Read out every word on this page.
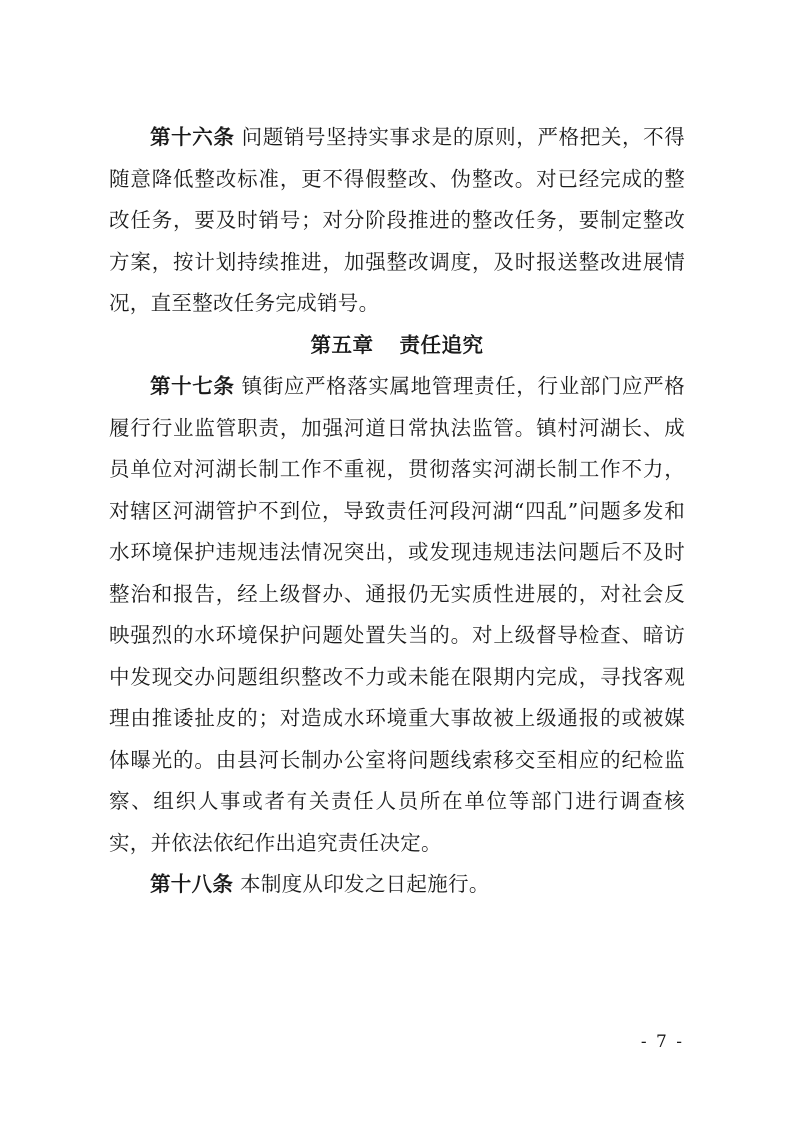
第十六条 问题销号坚持实事求是的原则，严格把关，不得随意降低整改标准，更不得假整改、伪整改。对已经完成的整改任务，要及时销号；对分阶段推进的整改任务，要制定整改方案，按计划持续推进，加强整改调度，及时报送整改进展情况，直至整改任务完成销号。

第五章 责任追究

第十七条 镇街应严格落实属地管理责任，行业部门应严格履行行业监管职责，加强河道日常执法监管。镇村河湖长、成员单位对河湖长制工作不重视，贯彻落实河湖长制工作不力，对辖区河湖管护不到位，导致责任河段河湖“四乱”问题多发和水环境保护违规违法情况突出，或发现违规违法问题后不及时整治和报告，经上级督办、通报仍无实质性进展的，对社会反映强烈的水环境保护问题处置失当的。对上级督导检查、暗访中发现交办问题组织整改不力或未能在限期内完成，寻找客观理由推诿扯皮的；对造成水环境重大事故被上级通报的或被媒体曝光的。由县河长制办公室将问题线索移交至相应的纪检监察、组织人事或者有关责任人员所在单位等部门进行调查核实，并依法依纪作出追究责任决定。

第十八条 本制度从印发之日起施行。

- 7 -
